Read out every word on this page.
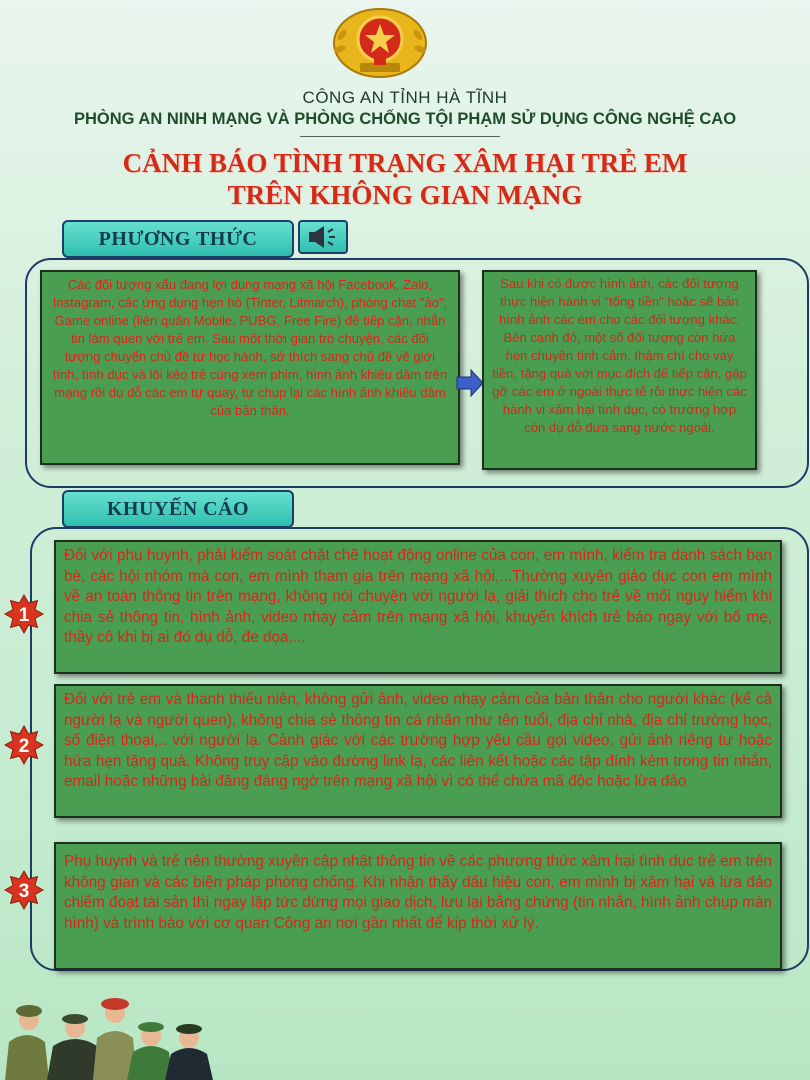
CÔNG AN TỈNH HÀ TĨNH
PHÒNG AN NINH MẠNG VÀ PHÒNG CHỐNG TỘI PHẠM SỬ DỤNG CÔNG NGHỆ CAO
CẢNH BÁO TÌNH TRẠNG XÂM HẠI TRẺ EM
TRÊN KHÔNG GIAN MẠNG
PHƯƠNG THỨC
Các đối tượng xấu đang lợi dụng mạng xã hội Facebook, Zalo, Instagram, các ứng dụng hẹn hò (Tinter, Litmarch), phòng chat "ảo", Game online (liên quân Mobile, PUBG, Free Fire) để tiếp cận, nhắn tin làm quen với trẻ em. Sau một thời gian trò chuyện, các đối tượng chuyển chủ đề từ học hành, sở thích sang chủ đề về giới tính, tình dục và lôi kéo trẻ cùng xem phim, hình ảnh khiêu dâm trên mạng rồi dụ dỗ các em tự quay, tự chụp lại các hình ảnh khiêu dâm của bản thân.
Sau khi có được hình ảnh, các đối tượng thực hiện hành vi "tống tiền" hoặc sẽ bán hình ảnh các em cho các đối tượng khác. Bên cạnh đó, một số đối tượng còn hứa hẹn chuyện tình cảm, thậm chí cho vay tiền, tặng quà với mục đích để tiếp cận, gặp gỡ các em ở ngoài thực tế rồi thực hiện các hành vi xâm hại tình dục, có trường hợp còn dụ dỗ đưa sang nước ngoài.
KHUYẾN CÁO
Đối với phụ huynh, phải kiểm soát chặt chẽ hoạt động online của con, em mình, kiểm tra danh sách bạn bè, các hội nhóm mà con, em mình tham gia trên mạng xã hội,...Thường xuyên giáo dục con em mình về an toàn thông tin trên mạng, không nói chuyện với người lạ, giải thích cho trẻ về mối nguy hiểm khi chia sẻ thông tin, hình ảnh, video nhạy cảm trên mạng xã hội, khuyến khích trẻ báo ngay với bố mẹ, thầy cô khi bị ai đó dụ dỗ, đe dọa,...
Đối với trẻ em và thanh thiếu niên, không gửi ảnh, video nhạy cảm của bản thân cho người khác (kể cả người lạ và người quen), không chia sẻ thông tin cá nhân như tên tuổi, địa chỉ nhà, địa chỉ trường học, số điện thoại,.. với người lạ. Cảnh giác với các trường hợp yêu cầu gọi video, gửi ảnh riêng tư hoặc hứa hẹn tặng quà. Không truy cập vào đường link lạ, các liên kết hoặc các tập đính kèm trong tin nhắn, email hoặc những bài đăng đáng ngờ trên mạng xã hội vì có thể chứa mã độc hoặc lừa đảo
Phụ huynh và trẻ nên thường xuyên cập nhật thông tin về các phương thức xâm hại tình dục trẻ em trên không gian và các biện pháp phòng chống. Khi nhận thấy dấu hiệu con, em mình bị xâm hại và lừa đảo chiếm đoạt tài sản thì ngay lập tức dừng mọi giao dịch, lưu lại bằng chứng (tin nhắn, hình ảnh chụp màn hình) và trình báo với cơ quan Công an nơi gần nhất để kịp thời xử lý.
1
2
3
